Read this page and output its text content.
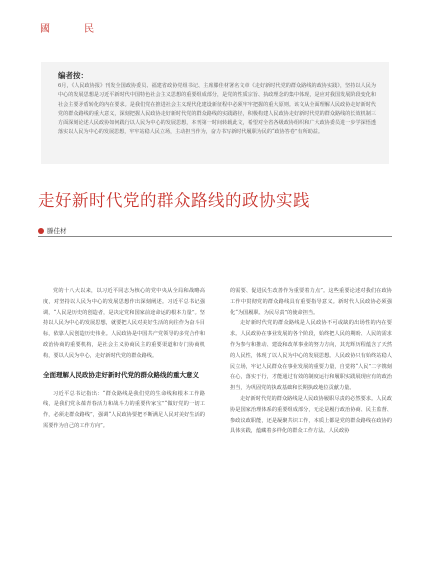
國	民
编者按：
6月，《人民政协报》刊发全国政协委员、福建省政协党组书记、主席滕佳材署名文章《走好新时代党的群众路线的政协实践》，坚持以人民为中心的发展思想是习近平新时代中国特色社会主义思想的重要组成部分，是党的性质宗旨、执政理念的集中体现，是应对我国发展阶段变化和社会主要矛盾转化的内在要求。是我们党在推进社会主义现代化建设新征程中必须牢牢把握的重大原则。该文从全面理解人民政协走好新时代党的群众路线的重大意义，深刻把握人民政协走好新时代党的群众路线的实践路径，积极构建人民政协走好新时代党的群众路线的长效机制三方面深刻论述人民政协如何践行以人民为中心的发展思想，本刊第一时间转载此文，希望对全省各级政协组织和广大政协委员进一步学深悟透落实以人民为中心的发展思想，牢牢站稳人民立场，主动担当作为，奋力书写新时代履职为民的“政协答卷”有所助益。
走好新时代党的群众路线的政协实践
滕佳材

党的十八大以来，以习近平同志为核心的党中央从全局和战略高度，对坚持以人民为中心的发展思想作出深刻阐述。习近平总书记强调，“人民是历史的创造者，是决定党和国家前途命运的根本力量”。坚持以人民为中心的发展思想，就要把人民对美好生活的向往作为奋斗目标，依靠人民创造历史伟业。人民政协是中国共产党领导的多党合作和政治协商的重要机构，是社会主义协商民主的重要渠道和专门协商机构，要以人民为中心，走好新时代党的群众路线。

全面理解人民政协走好新时代党的群众路线的重大意义

习近平总书记指出：“群众路线是我们党的生命线和根本工作路线，是我们党永葆青春活力和战斗力的重要传家宝”“做好党的一切工作，必须走群众路线”，强调“人民政协要把不断满足人民对美好生活的需要作为自己的工作方向”。

的需要、促进民生改善作为重要着力点”。这些重要论述对我们在政协工作中贯彻党的群众路线具有重要指导意义。新时代人民政协必须强化“为国履职、为民尽责”的使命担当。

走好新时代党的群众路线是人民政协不可或缺的出场性的内在要求。人民政协在事业发展的各个阶段，始终把人民的期盼、人民的需求作为参与和推动、建设和改革事业的努力方向，其光辉历程蕴含了天然的人民性，体现了以人民为中心的发展思想。人民政协只有始终站稳人民立场，牢记人民群众在事业发展的重要力量，自觉将“人民”二字镌刻在心，落实于行，才能通过有效的制度运行和履职实践展现应有的政治担当，为巩固党的执政基础和长期执政地位贡献力量。

走好新时代党的群众路线是人民政协履职尽责的必然要求。人民政协是国家治理体系的重要组成部分，无论是履行政治协商、民主监督、参政议政职能，还是凝聚共识工作，本质上都是党的群众路线在政协的具体实践，蕴藏着多样化的群众工作方法。人民政协
